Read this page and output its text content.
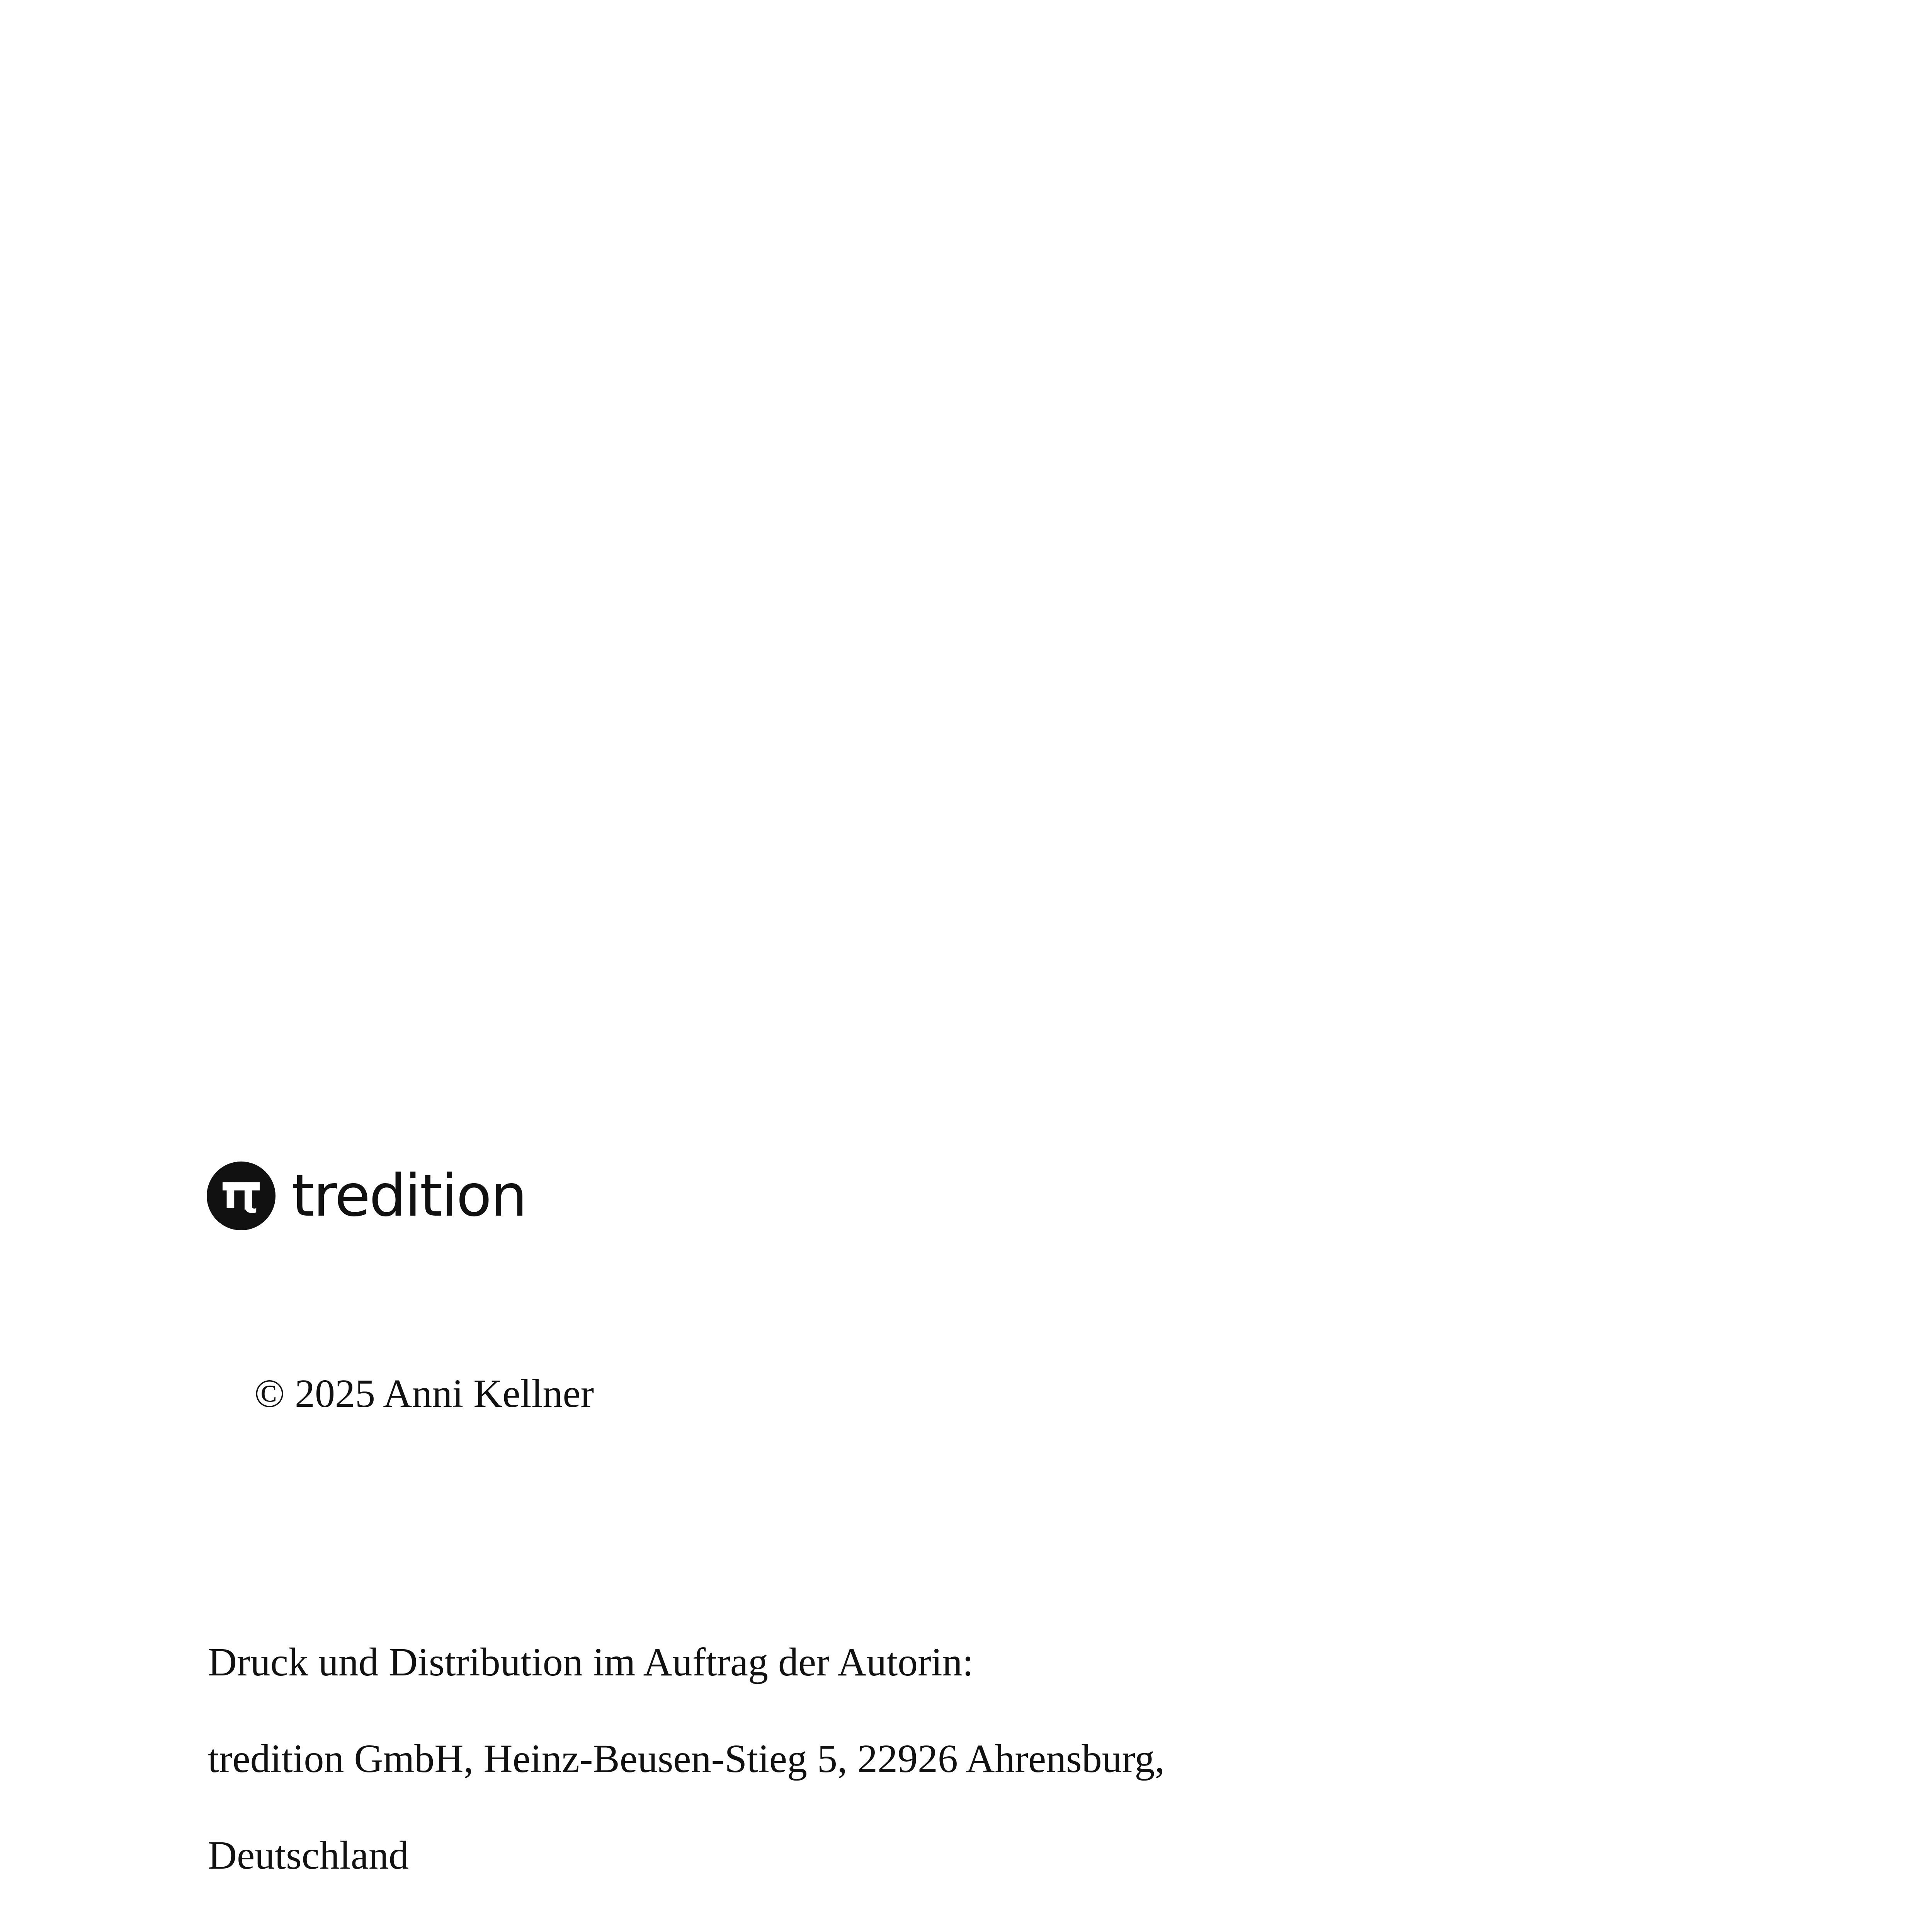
tredition
© 2025 Anni Kellner
Druck und Distribution im Auftrag der Autorin:
tredition GmbH, Heinz-Beusen-Stieg 5, 22926 Ahrensburg,
Deutschland
